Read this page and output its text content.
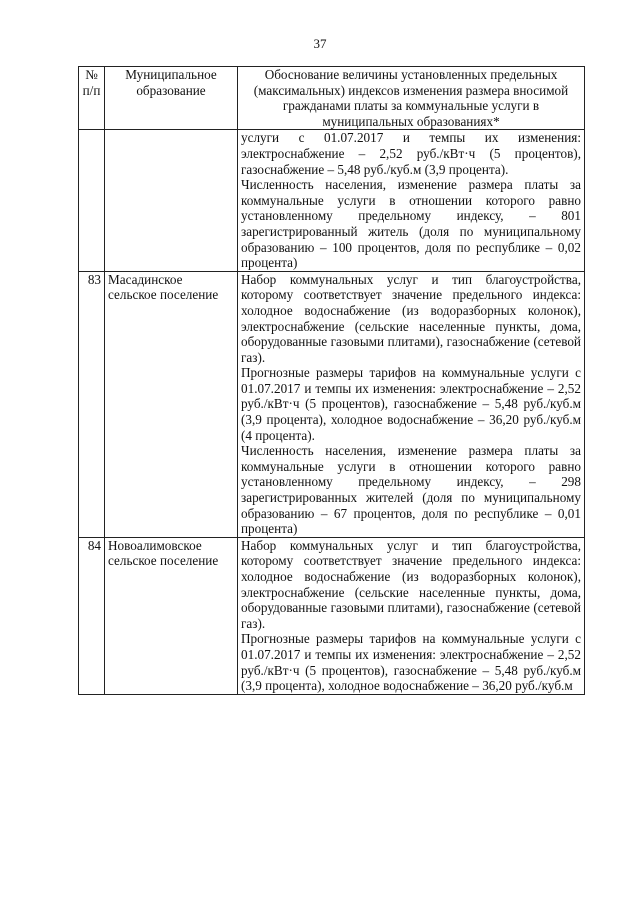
37
№ п/п	Муниципальное образование	Обоснование величины установленных предельных (максимальных) индексов изменения размера вносимой гражданами платы за коммунальные услуги в муниципальных образованиях*

		услуги с 01.07.2017 и темпы их изменения: электроснабжение – 2,52 руб./кВт·ч (5 процентов), газоснабжение – 5,48 руб./куб.м (3,9 процента).

Численность населения, изменение размера платы за коммунальные услуги в отношении которого равно установленному предельному индексу, – 801 зарегистрированный житель (доля по муниципальному образованию – 100 процентов, доля по республике – 0,02 процента)

83	Масадинское сельское поселение	Набор коммунальных услуг и тип благоустройства, которому соответствует значение предельного индекса: холодное водоснабжение (из водоразборных колонок), электроснабжение (сельские населенные пункты, дома, оборудованные газовыми плитами), газоснабжение (сетевой газ).

Прогнозные размеры тарифов на коммунальные услуги с 01.07.2017 и темпы их изменения: электроснабжение – 2,52 руб./кВт·ч (5 процентов), газоснабжение – 5,48 руб./куб.м (3,9 процента), холодное водоснабжение – 36,20 руб./куб.м (4 процента).

Численность населения, изменение размера платы за коммунальные услуги в отношении которого равно установленному предельному индексу, – 298 зарегистрированных жителей (доля по муниципальному образованию – 67 процентов, доля по республике – 0,01 процента)

84	Новоалимовское сельское поселение	Набор коммунальных услуг и тип благоустройства, которому соответствует значение предельного индекса: холодное водоснабжение (из водоразборных колонок), электроснабжение (сельские населенные пункты, дома, оборудованные газовыми плитами), газоснабжение (сетевой газ).

Прогнозные размеры тарифов на коммунальные услуги с 01.07.2017 и темпы их изменения: электроснабжение – 2,52 руб./кВт·ч (5 процентов), газоснабжение – 5,48 руб./куб.м (3,9 процента), холодное водоснабжение – 36,20 руб./куб.м
